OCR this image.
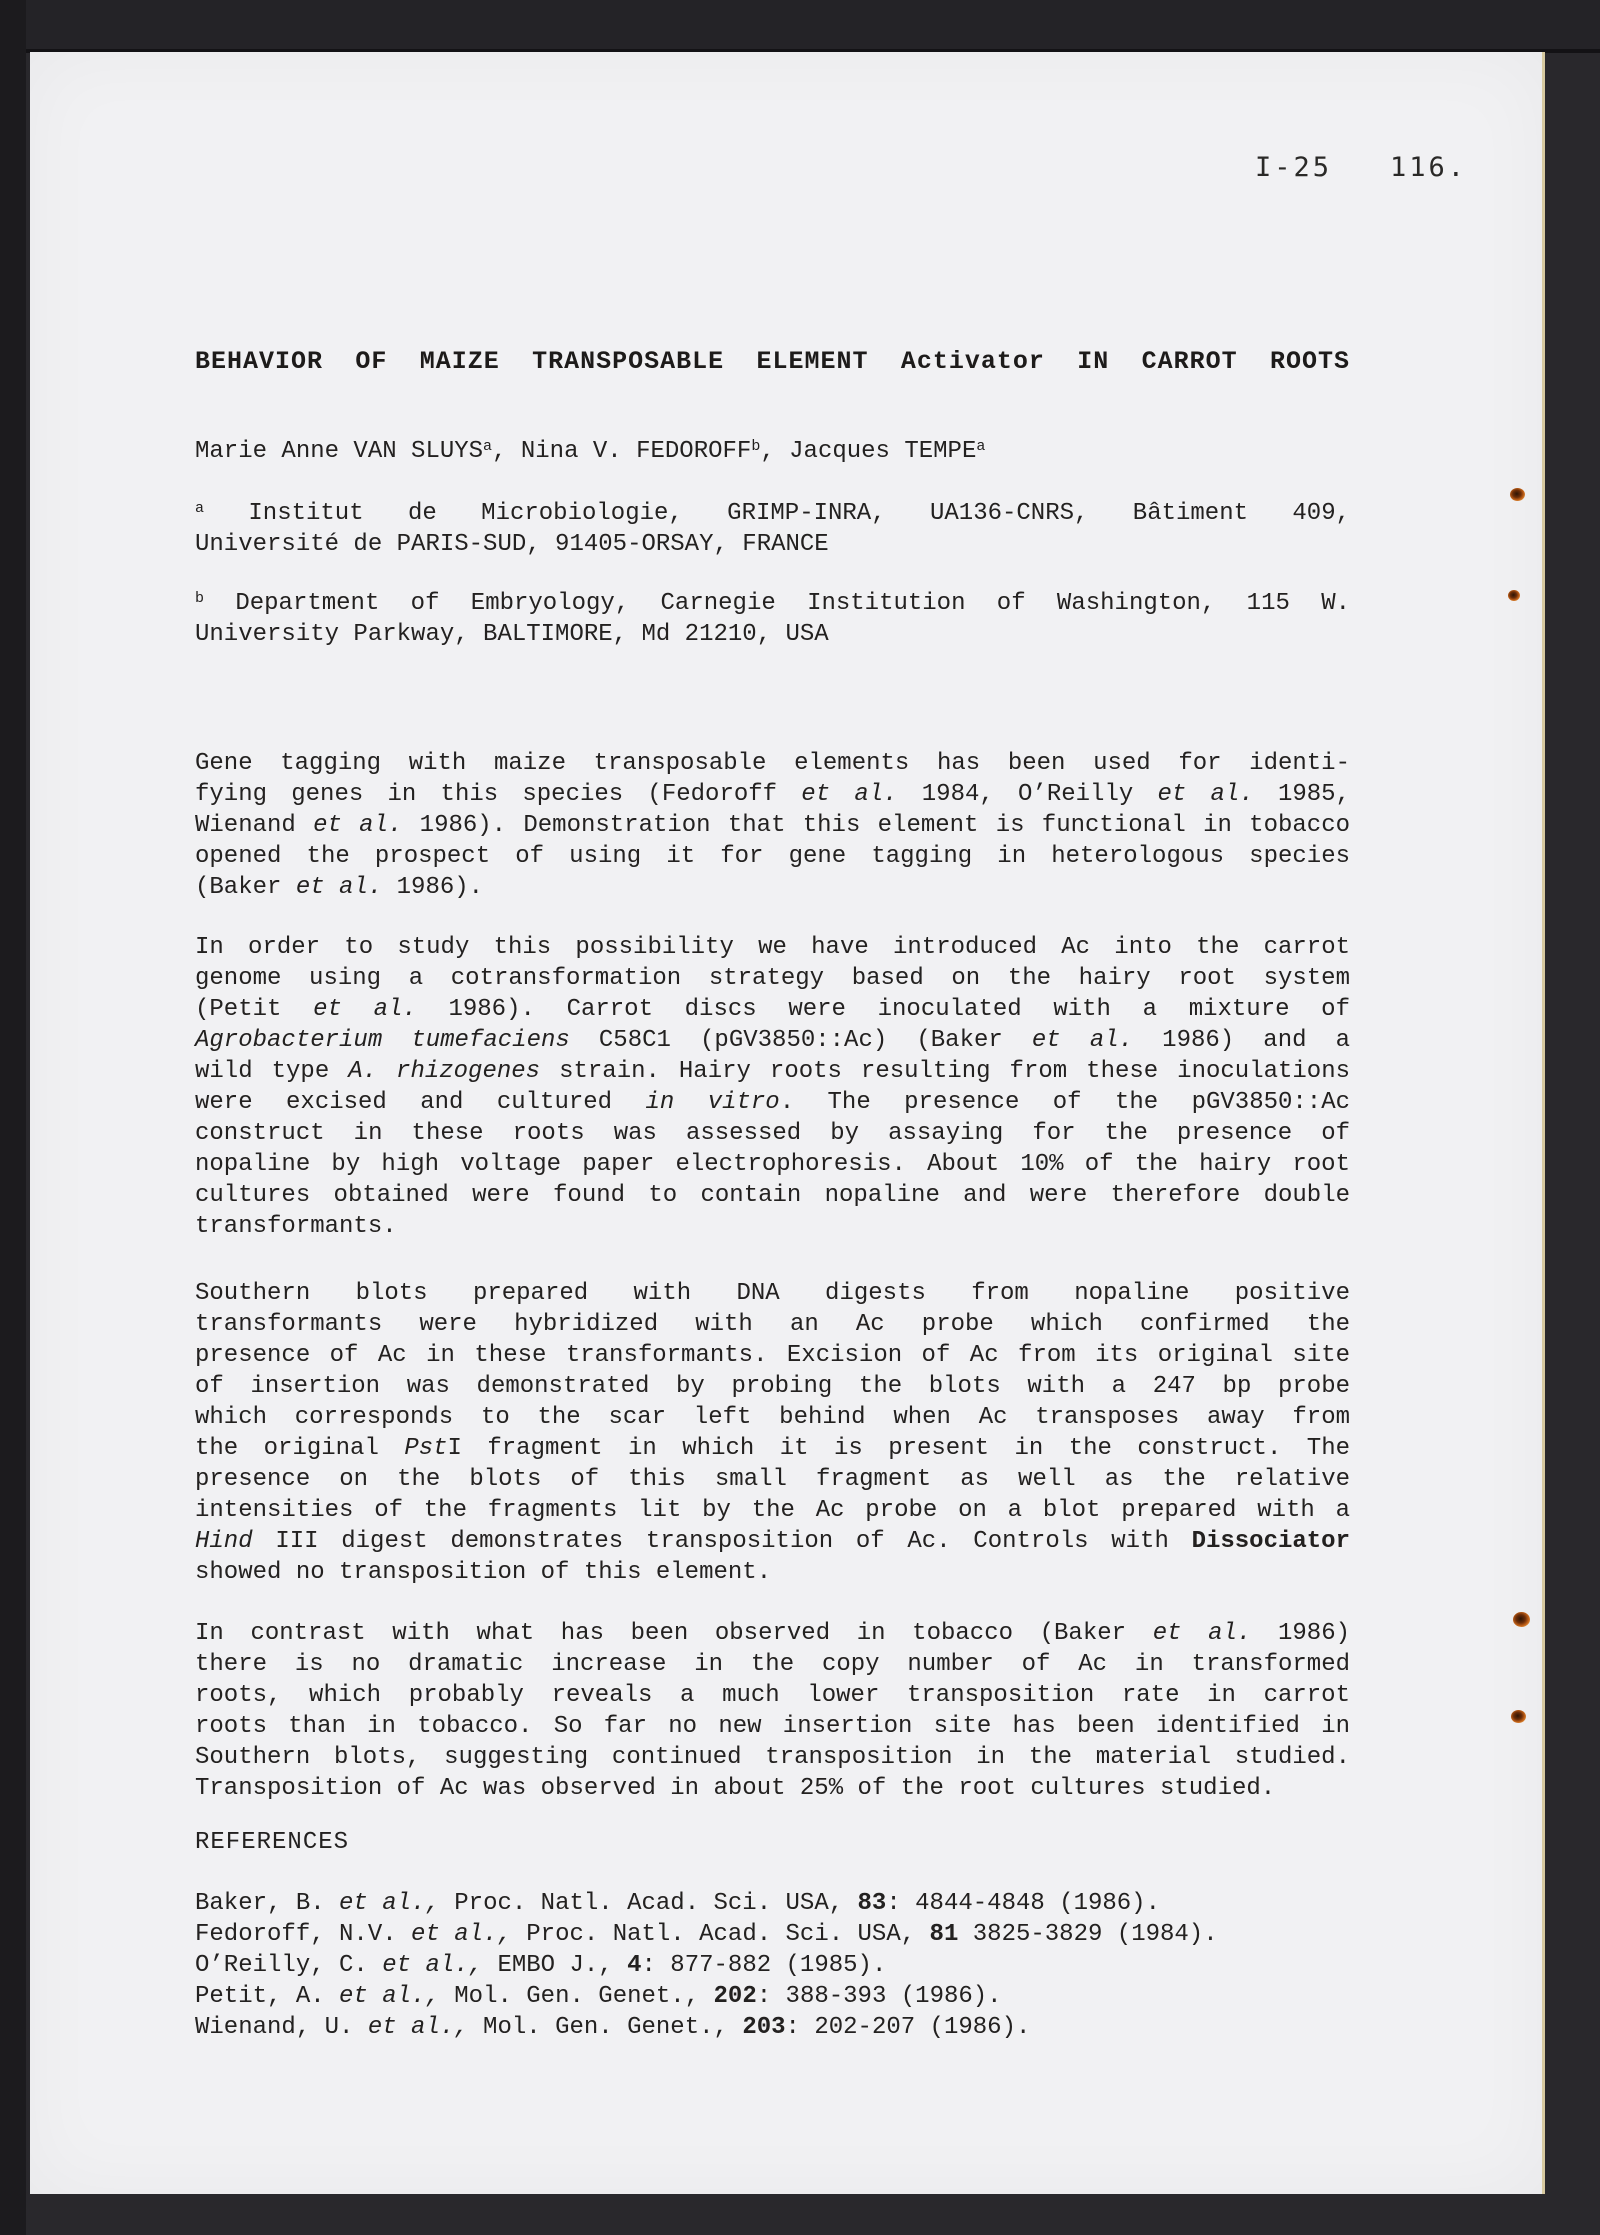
I-25 116.
BEHAVIOR OF MAIZE TRANSPOSABLE ELEMENT Activator IN CARROT ROOTS
Marie Anne VAN SLUYS$^a$, Nina V. FEDOROFF$^b$, Jacques TEMPE$^a$
$^a$ Institut de Microbiologie, GRIMP-INRA, UA136-CNRS, Bâtiment 409,
Université de PARIS-SUD, 91405-ORSAY, FRANCE
$^b$ Department of Embryology, Carnegie Institution of Washington, 115 W.
University Parkway, BALTIMORE, Md 21210, USA
Gene tagging with maize transposable elements has been used for identi-
fying genes in this species (Fedoroff et al. 1984, O’Reilly et al. 1985,
Wienand et al. 1986). Demonstration that this element is functional in tobacco
opened the prospect of using it for gene tagging in heterologous species
(Baker et al. 1986).
In order to study this possibility we have introduced Ac into the carrot
genome using a cotransformation strategy based on the hairy root system
(Petit et al. 1986). Carrot discs were inoculated with a mixture of
Agrobacterium tumefaciens C58C1 (pGV3850::Ac) (Baker et al. 1986) and a
wild type A. rhizogenes strain. Hairy roots resulting from these inoculations
were excised and cultured in vitro. The presence of the pGV3850::Ac
construct in these roots was assessed by assaying for the presence of
nopaline by high voltage paper electrophoresis. About 10% of the hairy root
cultures obtained were found to contain nopaline and were therefore double
transformants.
Southern blots prepared with DNA digests from nopaline positive
transformants were hybridized with an Ac probe which confirmed the
presence of Ac in these transformants. Excision of Ac from its original site
of insertion was demonstrated by probing the blots with a 247 bp probe
which corresponds to the scar left behind when Ac transposes away from
the original PstI fragment in which it is present in the construct. The
presence on the blots of this small fragment as well as the relative
intensities of the fragments lit by the Ac probe on a blot prepared with a
Hind III digest demonstrates transposition of Ac. Controls with Dissociator
showed no transposition of this element.
In contrast with what has been observed in tobacco (Baker et al. 1986)
there is no dramatic increase in the copy number of Ac in transformed
roots, which probably reveals a much lower transposition rate in carrot
roots than in tobacco. So far no new insertion site has been identified in
Southern blots, suggesting continued transposition in the material studied.
Transposition of Ac was observed in about 25% of the root cultures studied.
REFERENCES
Baker, B. et al., Proc. Natl. Acad. Sci. USA, 83: 4844-4848 (1986).
Fedoroff, N.V. et al., Proc. Natl. Acad. Sci. USA, 81 3825-3829 (1984).
O’Reilly, C. et al., EMBO J., 4: 877-882 (1985).
Petit, A. et al., Mol. Gen. Genet., 202: 388-393 (1986).
Wienand, U. et al., Mol. Gen. Genet., 203: 202-207 (1986).
